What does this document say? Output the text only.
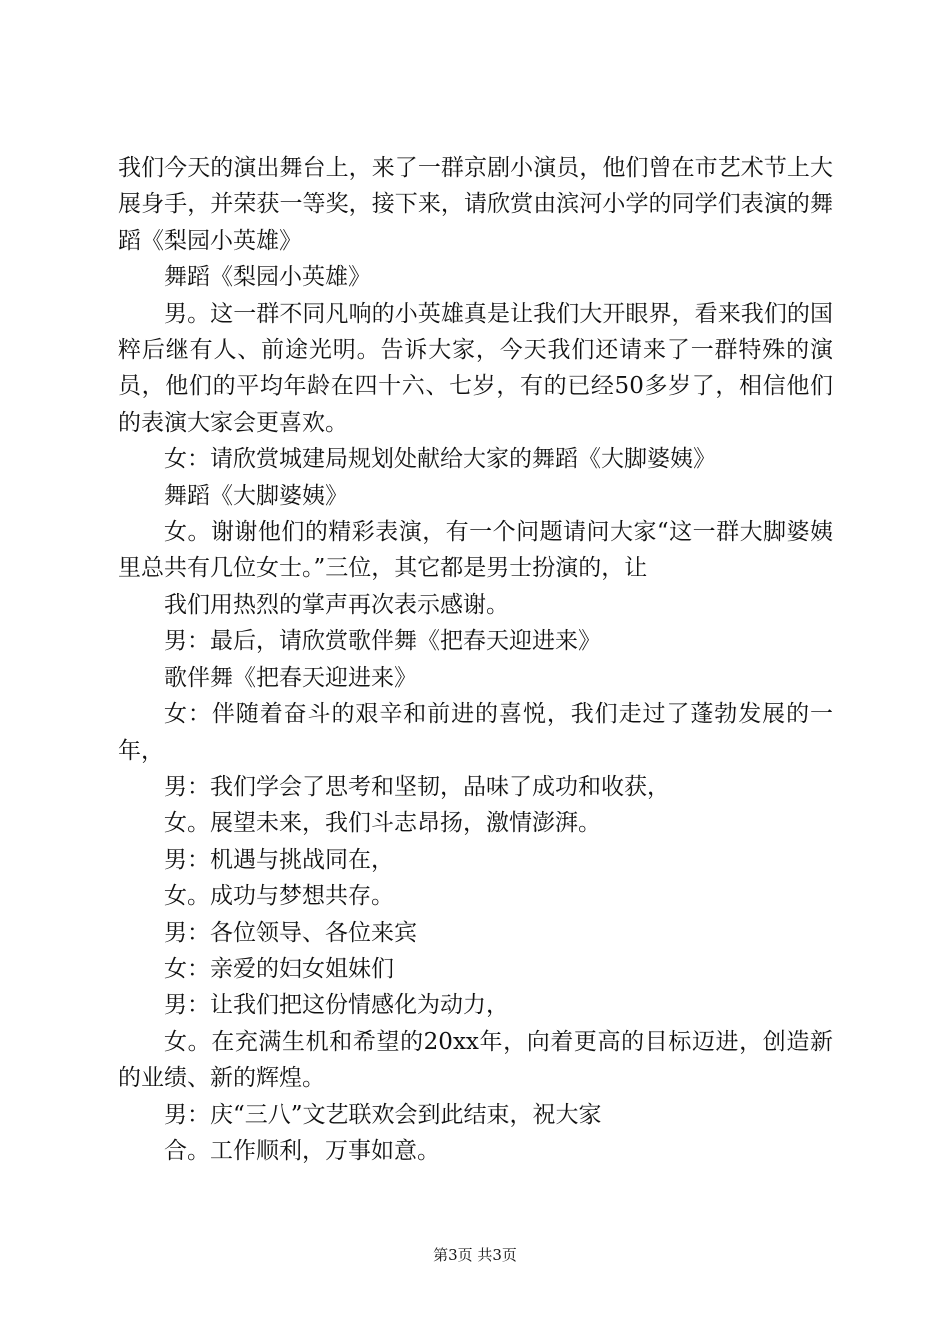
我们今天的演出舞台上，来了一群京剧小演员，他们曾在市艺术节上大展身手，并荣获一等奖，接下来，请欣赏由滨河小学的同学们表演的舞蹈《梨园小英雄》

舞蹈《梨园小英雄》

男。这一群不同凡响的小英雄真是让我们大开眼界，看来我们的国粹后继有人、前途光明。告诉大家，今天我们还请来了一群特殊的演员，他们的平均年龄在四十六、七岁，有的已经50多岁了，相信他们的表演大家会更喜欢。

女：请欣赏城建局规划处献给大家的舞蹈《大脚婆姨》

舞蹈《大脚婆姨》

女。谢谢他们的精彩表演，有一个问题请问大家“这一群大脚婆姨里总共有几位女士。”三位，其它都是男士扮演的，让

我们用热烈的掌声再次表示感谢。

男：最后，请欣赏歌伴舞《把春天迎进来》

歌伴舞《把春天迎进来》

女：伴随着奋斗的艰辛和前进的喜悦，我们走过了蓬勃发展的一年，

男：我们学会了思考和坚韧，品味了成功和收获，

女。展望未来，我们斗志昂扬，激情澎湃。

男：机遇与挑战同在，

女。成功与梦想共存。

男：各位领导、各位来宾

女：亲爱的妇女姐妹们

男：让我们把这份情感化为动力，

女。在充满生机和希望的20xx年，向着更高的目标迈进，创造新的业绩、新的辉煌。

男：庆“三八”文艺联欢会到此结束，祝大家

合。工作顺利，万事如意。

第3页 共3页
